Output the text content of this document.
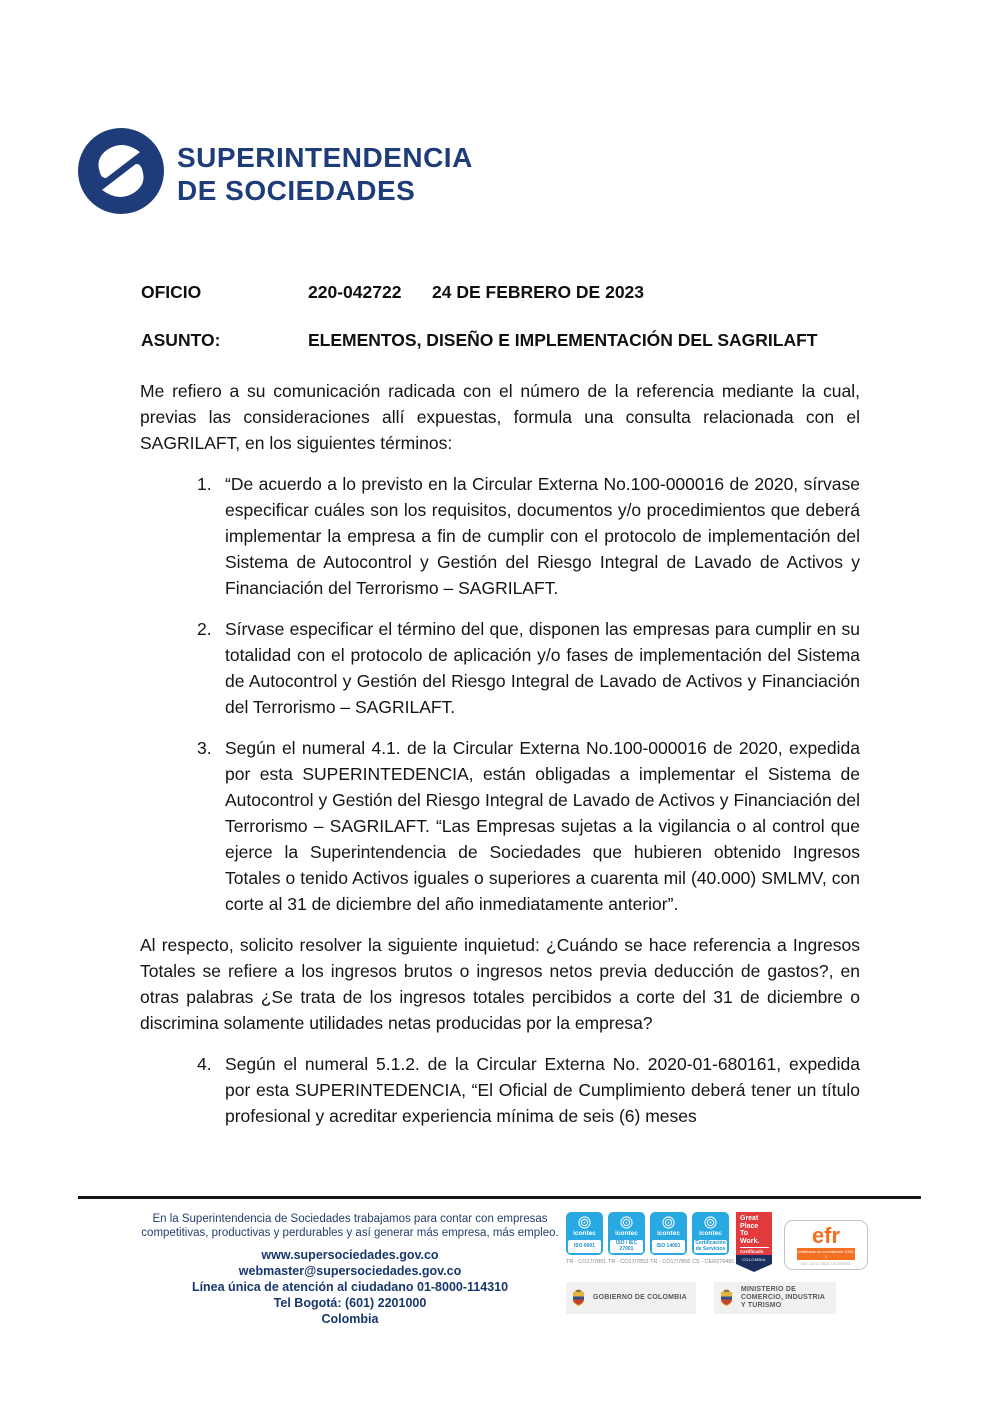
SUPERINTENDENCIA
DE SOCIEDADES
OFICIO	220-042722	24 DE FEBRERO DE 2023
ASUNTO:	ELEMENTOS, DISEÑO E IMPLEMENTACIÓN DEL SAGRILAFT

Me refiero a su comunicación radicada con el número de la referencia mediante la cual, previas las consideraciones allí expuestas, formula una consulta relacionada con el SAGRILAFT, en los siguientes términos:

1. “De acuerdo a lo previsto en la Circular Externa No.100-000016 de 2020, sírvase especificar cuáles son los requisitos, documentos y/o procedimientos que deberá implementar la empresa a fin de cumplir con el protocolo de implementación del Sistema de Autocontrol y Gestión del Riesgo Integral de Lavado de Activos y Financiación del Terrorismo – SAGRILAFT.
2. Sírvase especificar el término del que, disponen las empresas para cumplir en su totalidad con el protocolo de aplicación y/o fases de implementación del Sistema de Autocontrol y Gestión del Riesgo Integral de Lavado de Activos y Financiación del Terrorismo – SAGRILAFT.
3. Según el numeral 4.1. de la Circular Externa No.100-000016 de 2020, expedida por esta SUPERINTEDENCIA, están obligadas a implementar el Sistema de Autocontrol y Gestión del Riesgo Integral de Lavado de Activos y Financiación del Terrorismo – SAGRILAFT. “Las Empresas sujetas a la vigilancia o al control que ejerce la Superintendencia de Sociedades que hubieren obtenido Ingresos Totales o tenido Activos iguales o superiores a cuarenta mil (40.000) SMLMV, con corte al 31 de diciembre del año inmediatamente anterior”.

Al respecto, solicito resolver la siguiente inquietud: ¿Cuándo se hace referencia a Ingresos Totales se refiere a los ingresos brutos o ingresos netos previa deducción de gastos?, en otras palabras ¿Se trata de los ingresos totales percibidos a corte del 31 de diciembre o discrimina solamente utilidades netas producidas por la empresa?

4. Según el numeral 5.1.2. de la Circular Externa No. 2020-01-680161, expedida por esta SUPERINTEDENCIA, “El Oficial de Cumplimiento deberá tener un título profesional y acreditar experiencia mínima de seis (6) meses
En la Superintendencia de Sociedades trabajamos para contar con empresas
competitivas, productivas y perdurables y así generar más empresa, más empleo.
www.supersociedades.gov.co
webmaster@supersociedades.gov.co
Línea única de atención al ciudadano 01-8000-114310
Tel Bogotá: (601) 2201000
Colombia
icontec
ISO 9001
TR - CO17/7851
icontec
ISO / IEC 27001
TR - CO17/7853
icontec
ISO 14001
TR - CO17/7856
icontec
Certificación de Servicios
CS - CER279481
Great
Place
To
Work.
Certificado
COLOMBIA
efr
certificado en conciliación 1000-1
CO - 071 I 2021 I ICONTEC
GOBIERNO DE COLOMBIA
MINISTERIO DE COMERCIO, INDUSTRIA Y TURISMO
